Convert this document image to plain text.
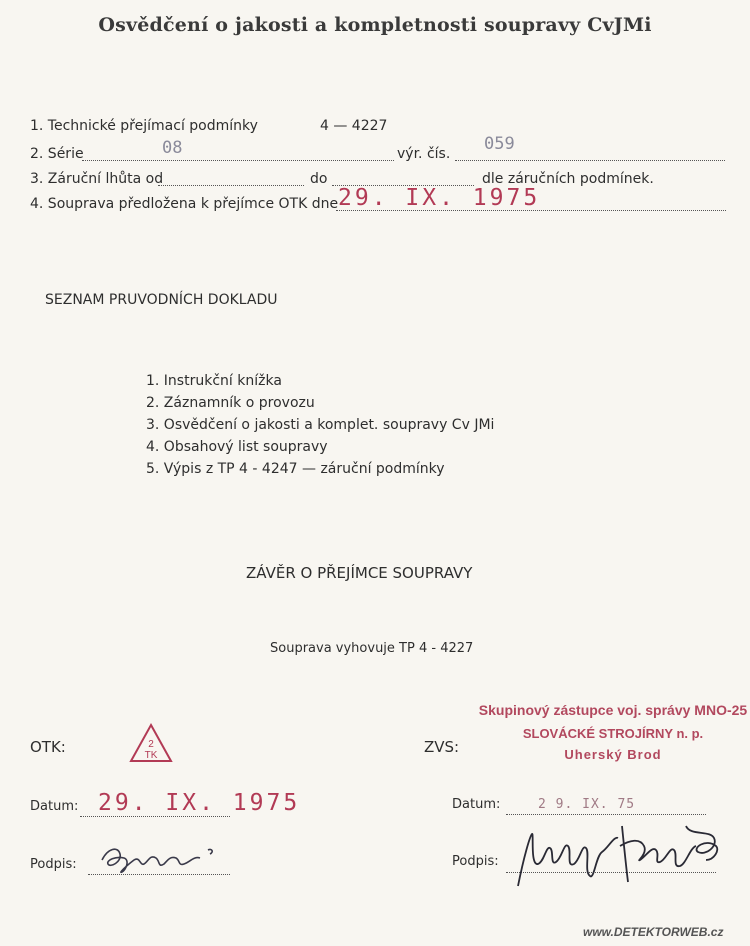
Osvědčení o jakosti a kompletnosti soupravy CvJMi
1. Technické přejímací podmínky	4 — 4227
2. Série	08	výr. čís. 059
3. Záruční lhůta od	do	dle záručních podmínek.
4. Souprava předložena k přejímce OTK dne 29. IX. 1975
SEZNAM PRUVODNÍCH DOKLADU
1. Instrukční knížka
2. Záznamník o provozu
3. Osvědčení o jakosti a komplet. soupravy Cv JMi
4. Obsahový list soupravy
5. Výpis z TP 4 - 4247 — záruční podmínky
ZÁVĚR O PŘEJÍMCE SOUPRAVY
Souprava vyhovuje TP 4 - 4227
OTK:	2
TK
Datum: 29. IX. 1975
Podpis:
ZVS:
Skupinový zástupce voj. správy MNO-25
SLOVÁCKÉ STROJÍRNY n. p.
Uherský Brod
Datum:	2 9. IX. 75
Podpis:
www.DETEKTORWEB.cz
